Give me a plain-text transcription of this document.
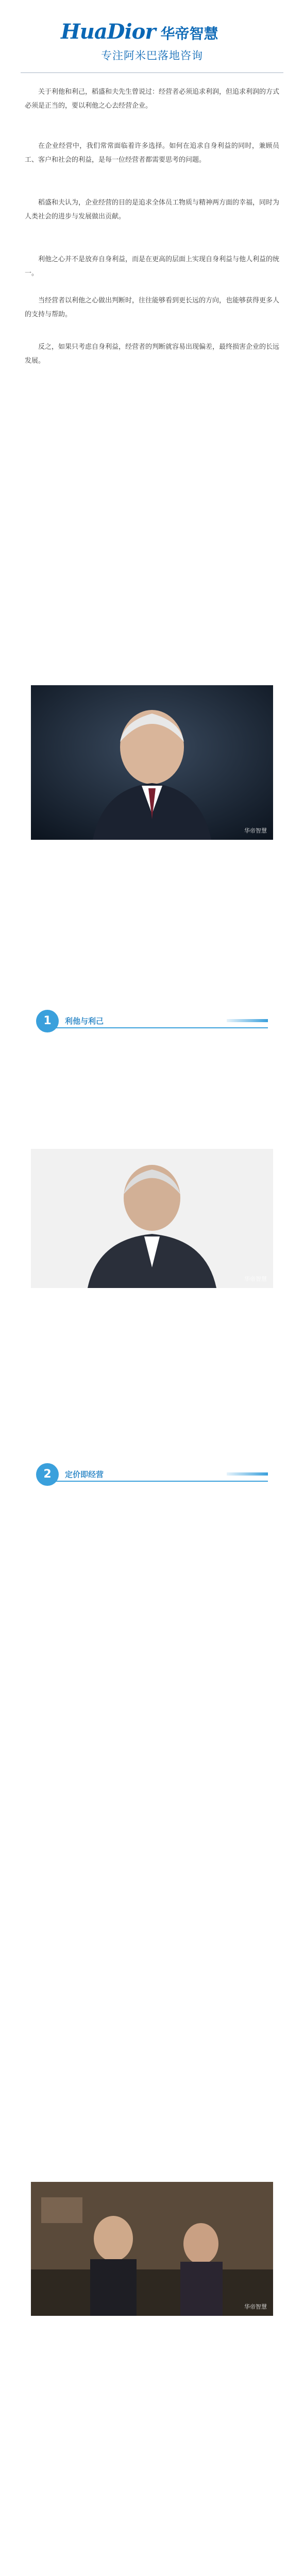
HuaDior 华帝智慧
专注阿米巴落地咨询
关于利他和利己，稻盛和夫先生曾说过：经营者必须追求利润，但追求利润的方式必须是正当的，要以利他之心去经营企业。
在企业经营中，我们常常面临着许多选择。如何在追求自身利益的同时，兼顾员工、客户和社会的利益，是每一位经营者都需要思考的问题。
稻盛和夫认为，企业经营的目的是追求全体员工物质与精神两方面的幸福，同时为人类社会的进步与发展做出贡献。
利他之心并不是放弃自身利益，而是在更高的层面上实现自身利益与他人利益的统一。
当经营者以利他之心做出判断时，往往能够看到更长远的方向，也能够获得更多人的支持与帮助。
反之，如果只考虑自身利益，经营者的判断就容易出现偏差，最终损害企业的长远发展。
华帝智慧
1	利他与利己
华帝智慧
2	定价即经营
华帝智慧
